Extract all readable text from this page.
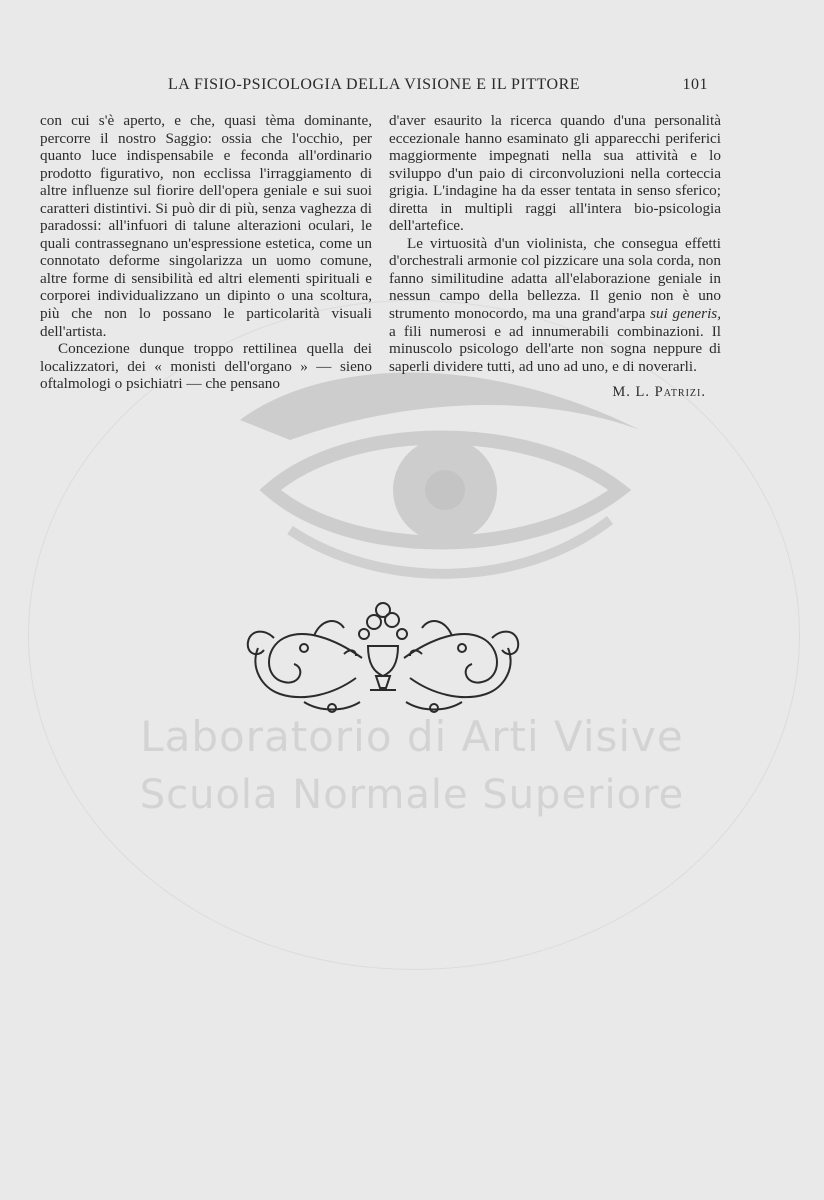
Laboratorio di Arti Visive
Scuola Normale Superiore
LA FISIO-PSICOLOGIA DELLA VISIONE E IL PITTORE	101

con cui s'è aperto, e che, quasi tèma dominante, percorre il nostro Saggio: ossia che l'occhio, per quanto luce indispensabile e feconda all'ordinario prodotto figurativo, non ecclissa l'irraggiamento di altre influenze sul fiorire dell'opera geniale e sui suoi caratteri distintivi. Si può dir di più, senza vaghezza di paradossi: all'infuori di talune alterazioni oculari, le quali contrassegnano un'espressione estetica, come un connotato deforme singolarizza un uomo comune, altre forme di sensibilità ed altri elementi spirituali e corporei individualizzano un dipinto o una scoltura, più che non lo possano le particolarità visuali dell'artista.

Concezione dunque troppo rettilinea quella dei localizzatori, dei « monisti dell'organo » — sieno oftalmologi o psichiatri — che pensano

d'aver esaurito la ricerca quando d'una personalità eccezionale hanno esaminato gli apparecchi periferici maggiormente impegnati nella sua attività e lo sviluppo d'un paio di circonvoluzioni nella corteccia grigia. L'indagine ha da esser tentata in senso sferico; diretta in multipli raggi all'intera bio-psicologia dell'artefice.

Le virtuosità d'un violinista, che consegua effetti d'orchestrali armonie col pizzicare una sola corda, non fanno similitudine adatta all'elaborazione geniale in nessun campo della bellezza. Il genio non è uno strumento monocordo, ma una grand'arpa sui generis, a fili numerosi e ad innumerabili combinazioni. Il minuscolo psicologo dell'arte non sogna neppure di saperli dividere tutti, ad uno ad uno, e di noverarli.

M. L. Patrizi.
